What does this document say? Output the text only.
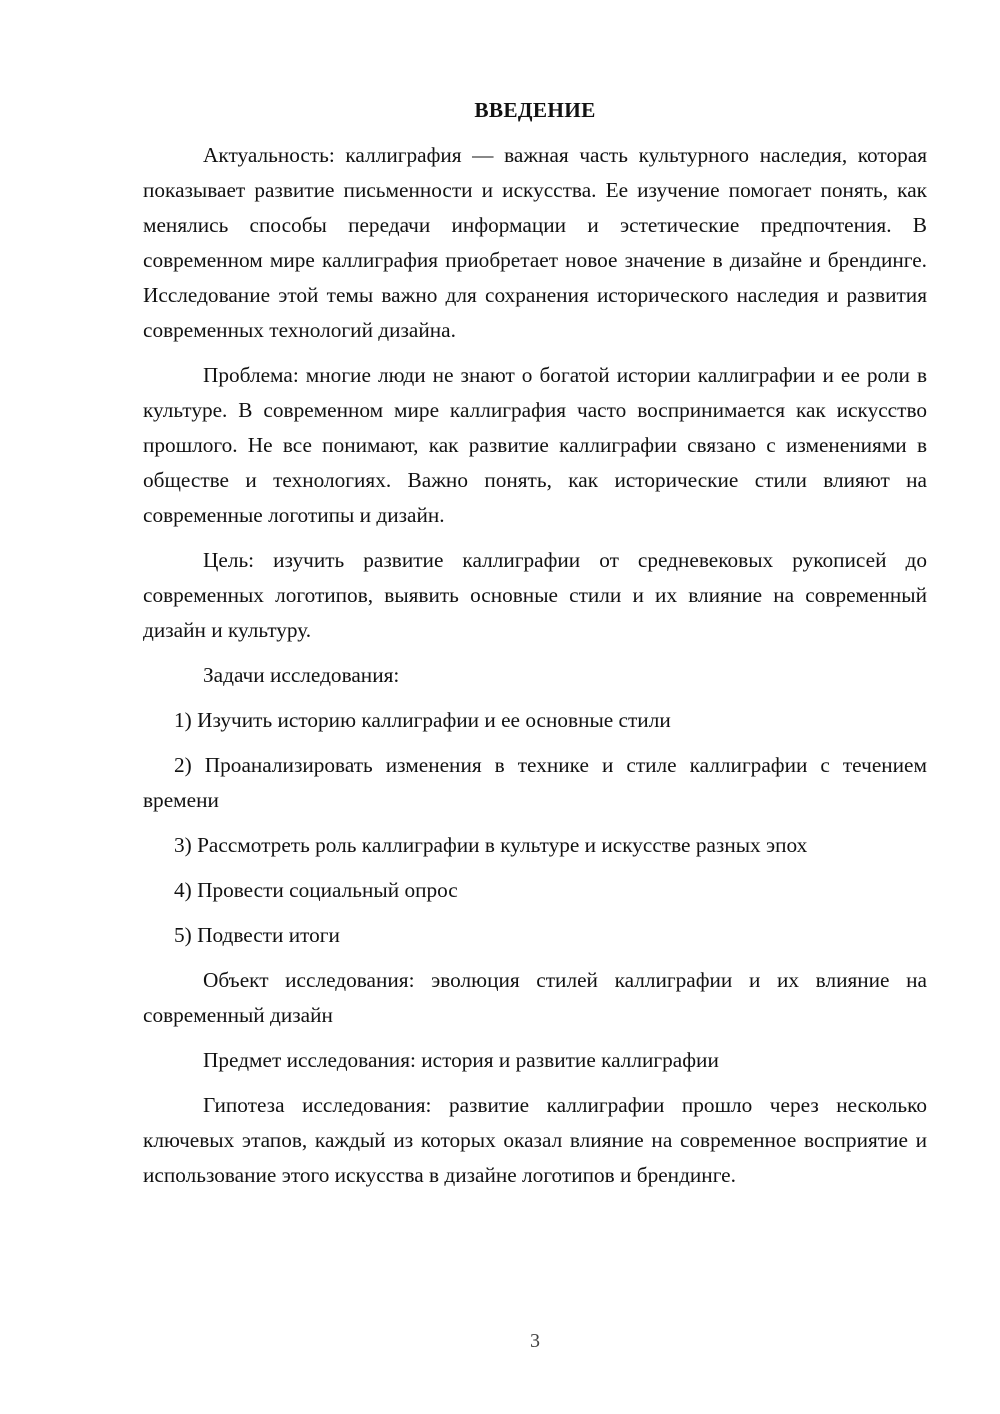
ВВЕДЕНИЕ

Актуальность: каллиграфия — важная часть культурного наследия, которая показывает развитие письменности и искусства. Ее изучение помогает понять, как менялись способы передачи информации и эстетические предпочтения. В современном мире каллиграфия приобретает новое значение в дизайне и брендинге. Исследование этой темы важно для сохранения исторического наследия и развития современных технологий дизайна.

Проблема: многие люди не знают о богатой истории каллиграфии и ее роли в культуре. В современном мире каллиграфия часто воспринимается как искусство прошлого. Не все понимают, как развитие каллиграфии связано с изменениями в обществе и технологиях. Важно понять, как исторические стили влияют на современные логотипы и дизайн.

Цель: изучить развитие каллиграфии от средневековых рукописей до современных логотипов, выявить основные стили и их влияние на современный дизайн и культуру.

Задачи исследования:

1) Изучить историю каллиграфии и ее основные стили

2) Проанализировать изменения в технике и стиле каллиграфии с течением времени

3) Рассмотреть роль каллиграфии в культуре и искусстве разных эпох

4) Провести социальный опрос

5) Подвести итоги

Объект исследования: эволюция стилей каллиграфии и их влияние на современный дизайн

Предмет исследования: история и развитие каллиграфии

Гипотеза исследования: развитие каллиграфии прошло через несколько ключевых этапов, каждый из которых оказал влияние на современное восприятие и использование этого искусства в дизайне логотипов и брендинге.

3
